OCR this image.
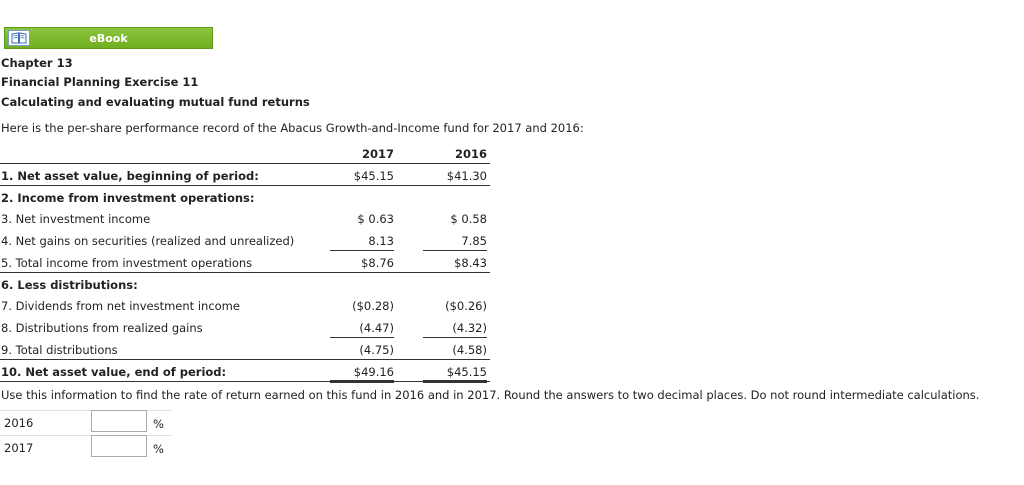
eBook
Chapter 13
Financial Planning Exercise 11
Calculating and evaluating mutual fund returns
Here is the per-share performance record of the Abacus Growth-and-Income fund for 2017 and 2016:
2017	2016
1. Net asset value, beginning of period:	$45.15	$41.30
2. Income from investment operations:
3. Net investment income	$ 0.63	$ 0.58
4. Net gains on securities (realized and unrealized)	8.13	7.85
5. Total income from investment operations	$8.76	$8.43
6. Less distributions:
7. Dividends from net investment income	($0.28)	($0.26)
8. Distributions from realized gains	(4.47)	(4.32)
9. Total distributions	(4.75)	(4.58)
10. Net asset value, end of period:	$49.16	$45.15
Use this information to find the rate of return earned on this fund in 2016 and in 2017. Round the answers to two decimal places. Do not round intermediate calculations.
2016	%
2017	%
